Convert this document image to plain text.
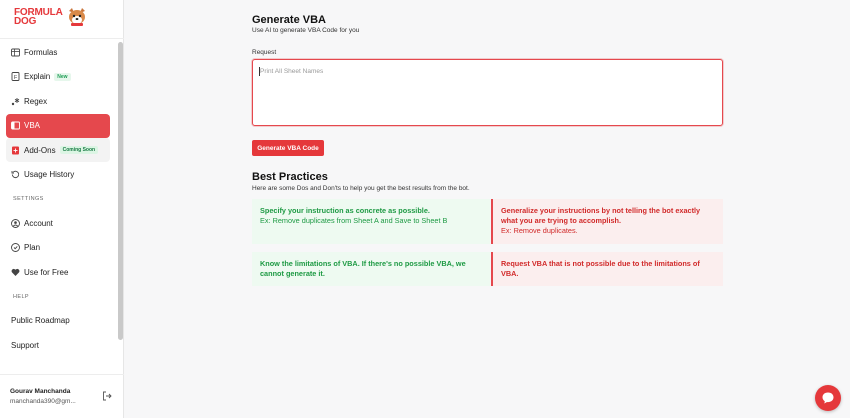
FORMULA
DOG
Formulas
F Explain	New
Regex
VBA
Add-Ons	Coming Soon
Usage History
SETTINGS
Account
Plan
Use for Free
HELP
Public Roadmap
Support
Gourav Manchanda
manchanda390@gm...
Generate VBA
Use AI to generate VBA Code for you
Request
Print All Sheet Names
Generate VBA Code
Best Practices
Here are some Dos and Don'ts to help you get the best results from the bot.
Specify your instruction as concrete as possible.
Ex: Remove duplicates from Sheet A and Save to Sheet B
Generalize your instructions by not telling the bot exactly what you are trying to accomplish.
Ex: Remove duplicates.
Know the limitations of VBA. If there's no possible VBA, we cannot generate it.
Request VBA that is not possible due to the limitations of VBA.
